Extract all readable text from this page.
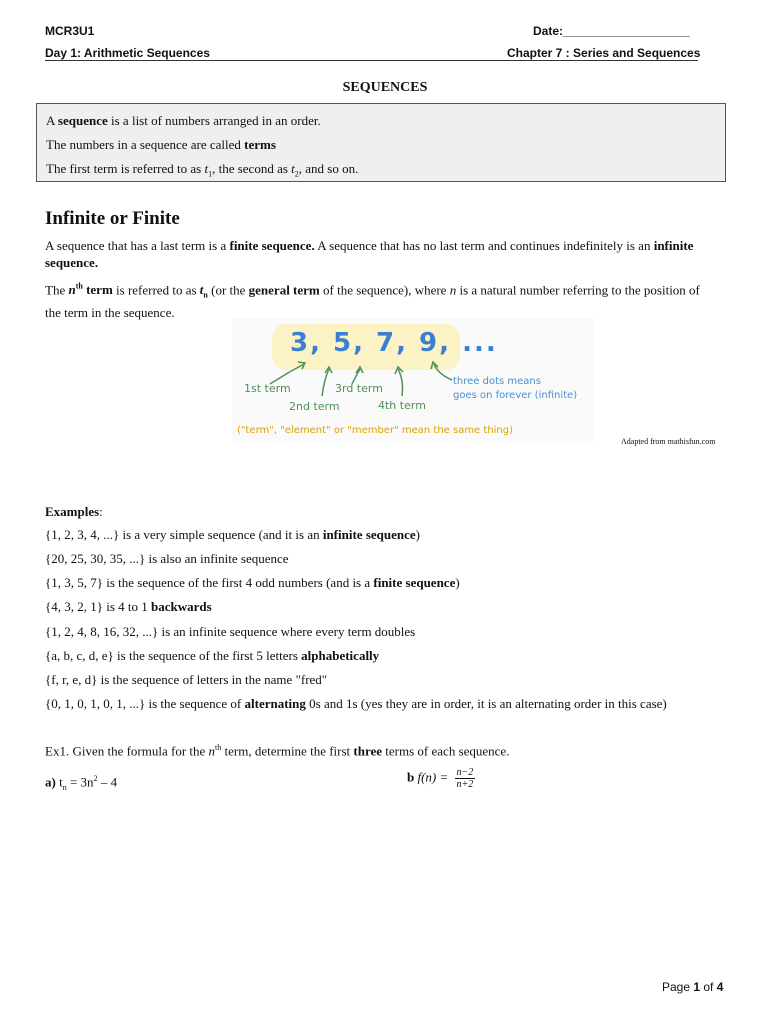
MCR3U1	Date:___________________
Day 1: Arithmetic Sequences	Chapter 7 : Series and Sequences
SEQUENCES
A sequence is a list of numbers arranged in an order.
The numbers in a sequence are called terms
The first term is referred to as $t_1$, the second as $t_2$, and so on.
Infinite or Finite
A sequence that has a last term is a finite sequence. A sequence that has no last term and continues indefinitely is an infinite sequence.
The $n^{th}$ term is referred to as $t_n$ (or the general term of the sequence), where n is a natural number referring to the position of the term in the sequence.
3, 5, 7, 9, ...
1st term	3rd term
2nd term	4th term
three dots means
goes on forever (infinite)
("term", "element" or "member" mean the same thing)
Adapted from mathisfun.com
Examples:
{1, 2, 3, 4, ...} is a very simple sequence (and it is an infinite sequence)
{20, 25, 30, 35, ...} is also an infinite sequence
{1, 3, 5, 7} is the sequence of the first 4 odd numbers (and is a finite sequence)
{4, 3, 2, 1} is 4 to 1 backwards
{1, 2, 4, 8, 16, 32, ...} is an infinite sequence where every term doubles
{a, b, c, d, e} is the sequence of the first 5 letters alphabetically
{f, r, e, d} is the sequence of letters in the name "fred"
{0, 1, 0, 1, 0, 1, ...} is the sequence of alternating 0s and 1s (yes they are in order, it is an alternating order in this case)
Ex1. Given the formula for the $n^{th}$ term, determine the first three terms of each sequence.
a) $t_n = 3n^2 - 4$	b $f(n) = \frac{n-2}{n+2}$
Page 1 of 4
